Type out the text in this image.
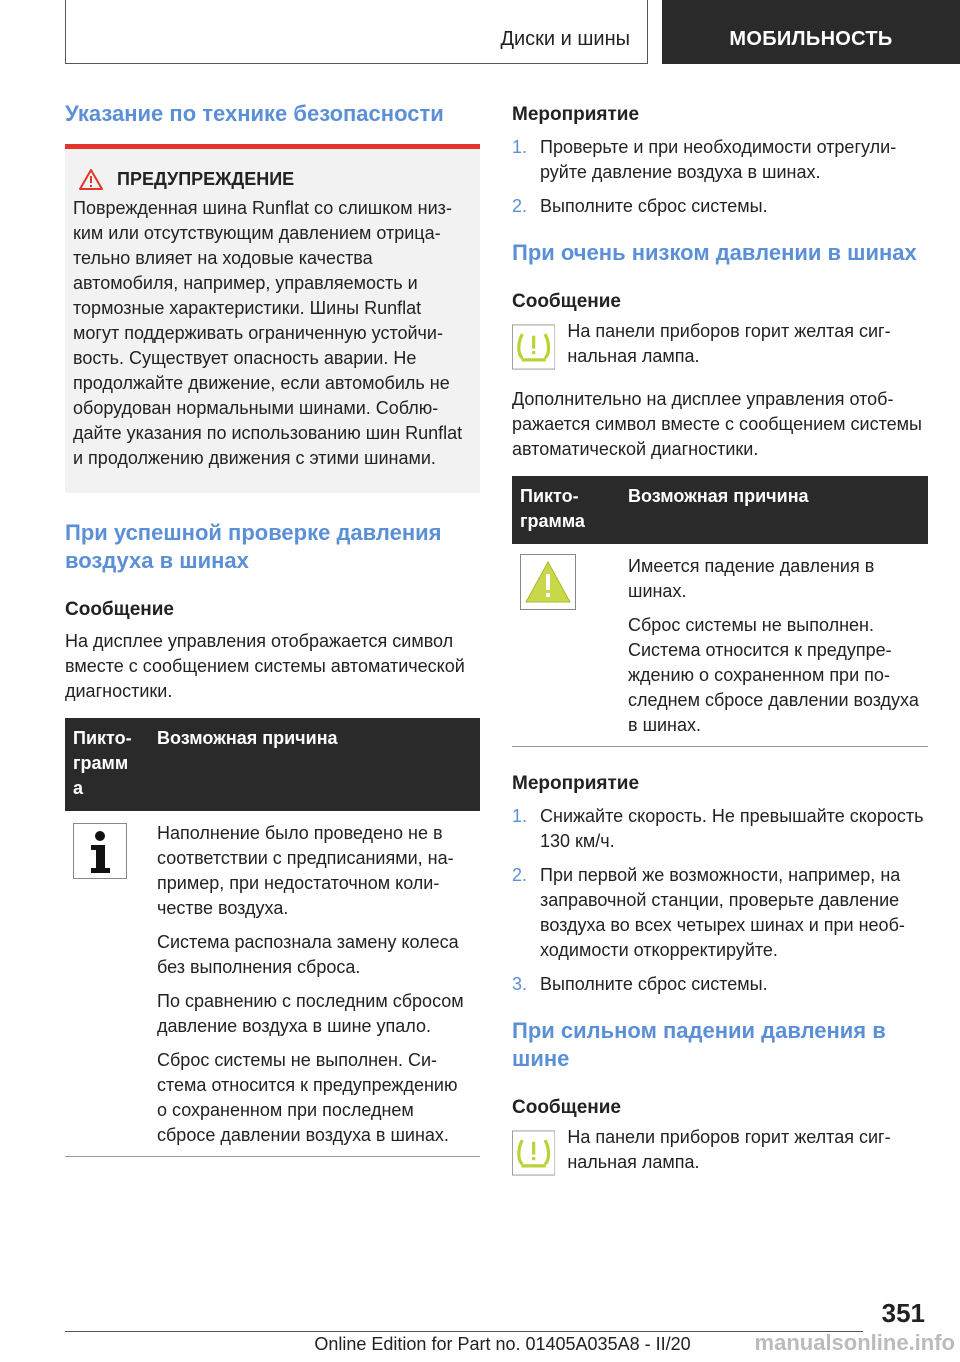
Диски и шины	МОБИЛЬНОСТЬ
Указание по технике безопасности
ПРЕДУПРЕЖДЕНИЕ

Поврежденная шина Runflat со слишком низким или отсутствующим давлением отрицательно влияет на ходовые качества автомобиля, например, управляемость и тормозные характеристики. Шины Runflat могут поддерживать ограниченную устойчивость. Существует опасность аварии. Не продолжайте движение, если автомобиль не оборудован нормальными шинами. Соблюдайте указания по использованию шин Runflat и продолжению движения с этими шинами.

При успешной проверке давления воздуха в шинах

Сообщение

На дисплее управления отображается символ вместе с сообщением системы автоматической диагностики.

Пиктограмм а	Возможная причина

Наполнение было проведено не в соответствии с предписаниями, например, при недостаточном количестве воздуха.

Система распознала замену колеса без выполнения сброса.

По сравнению с последним сбросом давление воздуха в шине упало.

Сброс системы не выполнен. Система относится к предупреждению о сохраненном при последнем сбросе давлении воздуха в шинах.

Мероприятие

1. Проверьте и при необходимости отрегулируйте давление воздуха в шинах.
2. Выполните сброс системы.
При очень низком давлении в шинах

Сообщение

На панели приборов горит желтая сигнальная лампа.

Дополнительно на дисплее управления отображается символ вместе с сообщением системы автоматической диагностики.

Пиктограмма	Возможная причина

Имеется падение давления в шинах.

Сброс системы не выполнен. Система относится к предупреждению о сохраненном при последнем сбросе давлении воздуха в шинах.

Мероприятие

1. Снижайте скорость. Не превышайте скорость 130 км/ч.
2. При первой же возможности, например, на заправочной станции, проверьте давление воздуха во всех четырех шинах и при необходимости откорректируйте.
3. Выполните сброс системы.
При сильном падении давления в шине

Сообщение

На панели приборов горит желтая сигнальная лампа.
351
Online Edition for Part no. 01405A035A8 - II/20	manualsonline.info
